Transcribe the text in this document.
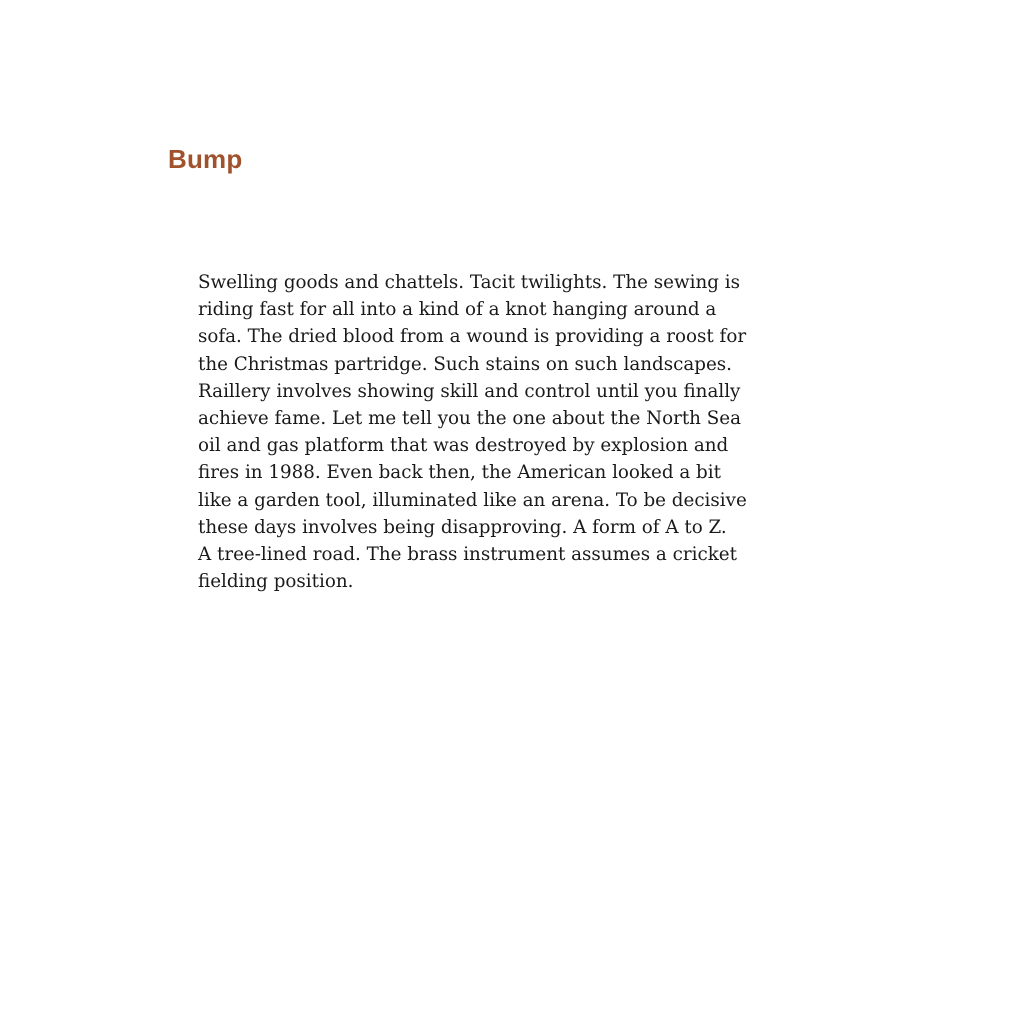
Bump

Swelling goods and chattels. Tacit twilights. The sewing is
riding fast for all into a kind of a knot hanging around a
sofa. The dried blood from a wound is providing a roost for
the Christmas partridge. Such stains on such landscapes.
Raillery involves showing skill and control until you finally
achieve fame. Let me tell you the one about the North Sea
oil and gas platform that was destroyed by explosion and
fires in 1988. Even back then, the American looked a bit
like a garden tool, illuminated like an arena. To be decisive
these days involves being disapproving. A form of A to Z.
A tree-lined road. The brass instrument assumes a cricket
fielding position.
